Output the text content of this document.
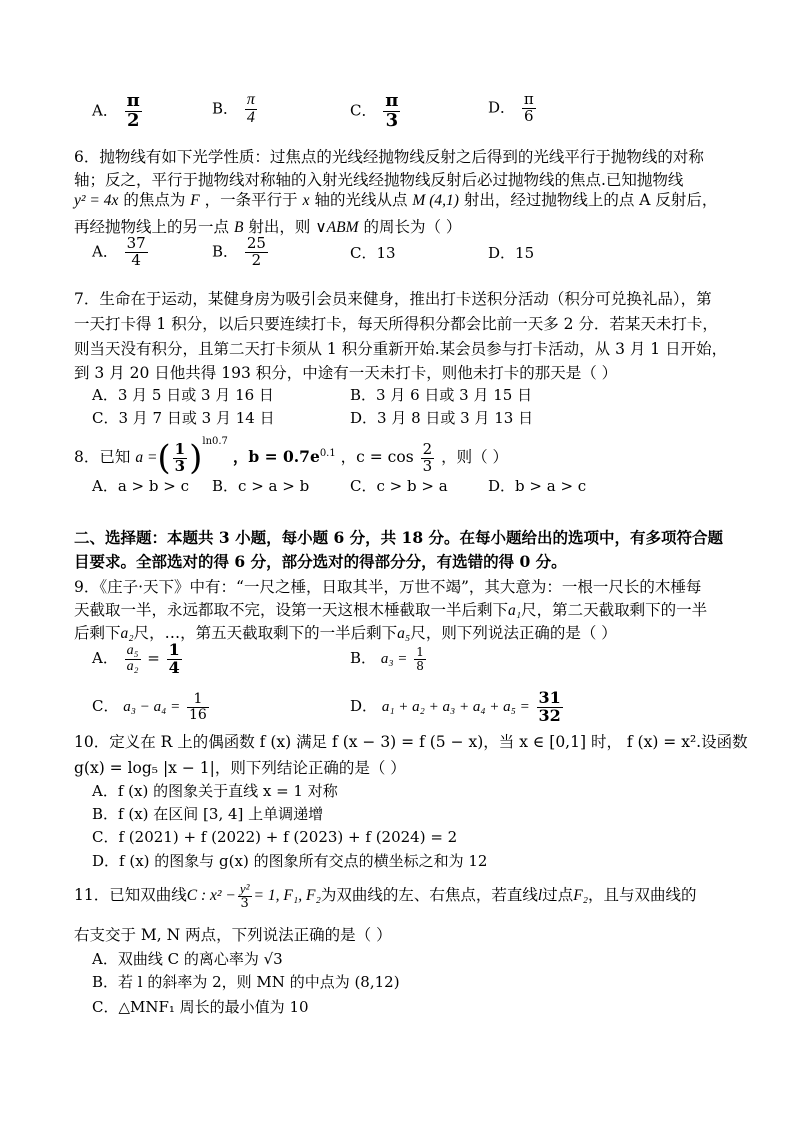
A． $\frac{\pi}{2}$	B． $\frac{\pi}{4}$	C． $\frac{\pi}{3}$	D． $\frac{\pi}{6}$
6．抛物线有如下光学性质：过焦点的光线经抛物线反射之后得到的光线平行于抛物线的对称
轴；反之，平行于抛物线对称轴的入射光线经抛物线反射后必过抛物线的焦点.已知抛物线
y² = 4x 的焦点为 F ，一条平行于 x 轴的光线从点 M (4,1) 射出，经过抛物线上的点 A 反射后，
再经抛物线上的另一点 B 射出，则 ∨ABM 的周长为（ ）
A． $\frac{37}{4}$	B． $\frac{25}{2}$	C．13	D．15
7．生命在于运动，某健身房为吸引会员来健身，推出打卡送积分活动（积分可兑换礼品），第
一天打卡得 1 积分，以后只要连续打卡，每天所得积分都会比前一天多 2 分．若某天未打卡，
则当天没有积分，且第二天打卡须从 1 积分重新开始.某会员参与打卡活动，从 3 月 1 日开始，
到 3 月 20 日他共得 193 积分，中途有一天未打卡，则他未打卡的那天是（ ）
A．3 月 5 日或 3 月 16 日	B．3 月 6 日或 3 月 15 日
C．3 月 7 日或 3 月 14 日	D．3 月 8 日或 3 月 13 日
8．已知 a =( $\frac{1}{3} )^{ln0.7}$ ，$b = 0.7e^{0.1}$ ，$c = \cos \frac{2}{3}$ ，则（ ）
A．a > b > c B．c > a > b	C．c > b > a	D．b > a > c
二、选择题：本题共 3 小题，每小题 6 分，共 18 分。在每小题给出的选项中，有多项符合题
目要求。全部选对的得 6 分，部分选对的得部分分，有选错的得 0 分。
9．《庄子·天下》中有：“一尺之棰，日取其半，万世不竭”，其大意为：一根一尺长的木棰每
天截取一半，永远都取不完，设第一天这根木棰截取一半后剩下a₁尺，第二天截取剩下的一半
后剩下a₂尺，…，第五天截取剩下的一半后剩下a₅尺，则下列说法正确的是（ ）
A． $\frac{\text{a₅}}{\text{a₂}} = \frac{1}{4}$	B． $a_3 = \frac{1}{8}$
C． $a_3 - a_4 = \frac{1}{16}$	D． $a_1 + a_2 + a_3 + a_4 + a_5 = \frac{31}{32}$
10．定义在 R 上的偶函数 f (x) 满足 f (x − 3) = f (5 − x)，当 x ∈ [0,1] 时， f (x) = x².设函数
g(x) = log₅ |x − 1|，则下列结论正确的是（ ）
A．f (x) 的图象关于直线 x = 1 对称
B．f (x) 在区间 [3, 4] 上单调递增
C．f (2021) + f (2022) + f (2023) + f (2024) = 2
D．f (x) 的图象与 g(x) 的图象所有交点的横坐标之和为 12
11．已知双曲线C : $x^2 - \frac{\text{y²}}{3} = 1$, F₁, F₂为双曲线的左、右焦点，若直线l过点F₂，且与双曲线的
右支交于 M, N 两点，下列说法正确的是（ ）
A．双曲线 C 的离心率为 √3
B．若 l 的斜率为 2，则 MN 的中点为 (8,12)
C．△MNF₁ 周长的最小值为 10
